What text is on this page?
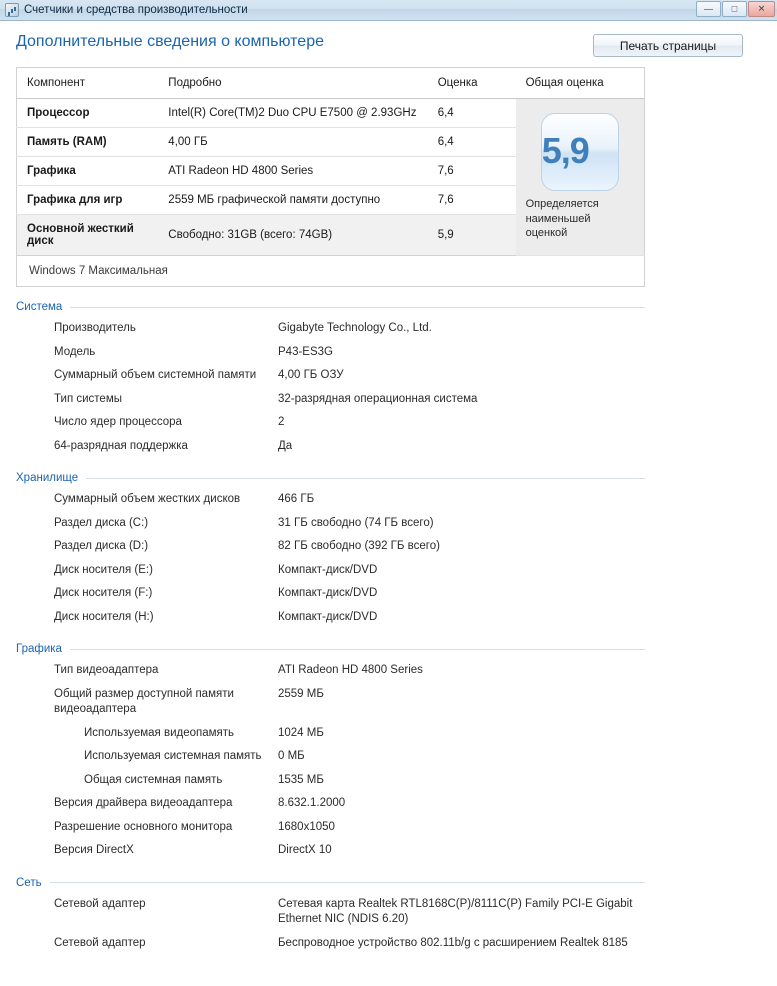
Счетчики и средства производительности	— □ ✕
Дополнительные сведения о компьютере	Печать страницы
Компонент	Подробно	Оценка	Общая оценка
Процессор	Intel(R) Core(TM)2 Duo CPU E7500 @ 2.93GHz	6,4	5,9
Определяется наименьшей оценкой

Память (RAM)	4,00 ГБ	6,4	
Графика	ATI Radeon HD 4800 Series	7,6	
Графика для игр	2559 МБ графической памяти доступно	7,6	
Основной жесткий диск	Свободно: 31GB (всего: 74GB)	5,9	
Windows 7 Максимальная
Система
Производитель	Gigabyte Technology Co., Ltd.
Модель	P43-ES3G
Суммарный объем системной памяти	4,00 ГБ ОЗУ
Тип системы	32-разрядная операционная система
Число ядер процессора	2
64-разрядная поддержка	Да
Хранилище
Суммарный объем жестких дисков	466 ГБ
Раздел диска (C:)	31 ГБ свободно (74 ГБ всего)
Раздел диска (D:)	82 ГБ свободно (392 ГБ всего)
Диск носителя (E:)	Компакт-диск/DVD
Диск носителя (F:)	Компакт-диск/DVD
Диск носителя (H:)	Компакт-диск/DVD
Графика
Тип видеоадаптера	ATI Radeon HD 4800 Series
Общий размер доступной памяти видеоадаптера
2559 МБ
Используемая видеопамять	1024 МБ
Используемая системная память	0 МБ
Общая системная память	1535 МБ
Версия драйвера видеоадаптера	8.632.1.2000
Разрешение основного монитора	1680x1050
Версия DirectX	DirectX 10
Сеть
Сетевой адаптер	Сетевая карта Realtek RTL8168C(P)/8111C(P) Family PCI-E Gigabit Ethernet NIC (NDIS 6.20)
Сетевой адаптер	Беспроводное устройство 802.11b/g с расширением Realtek 8185
